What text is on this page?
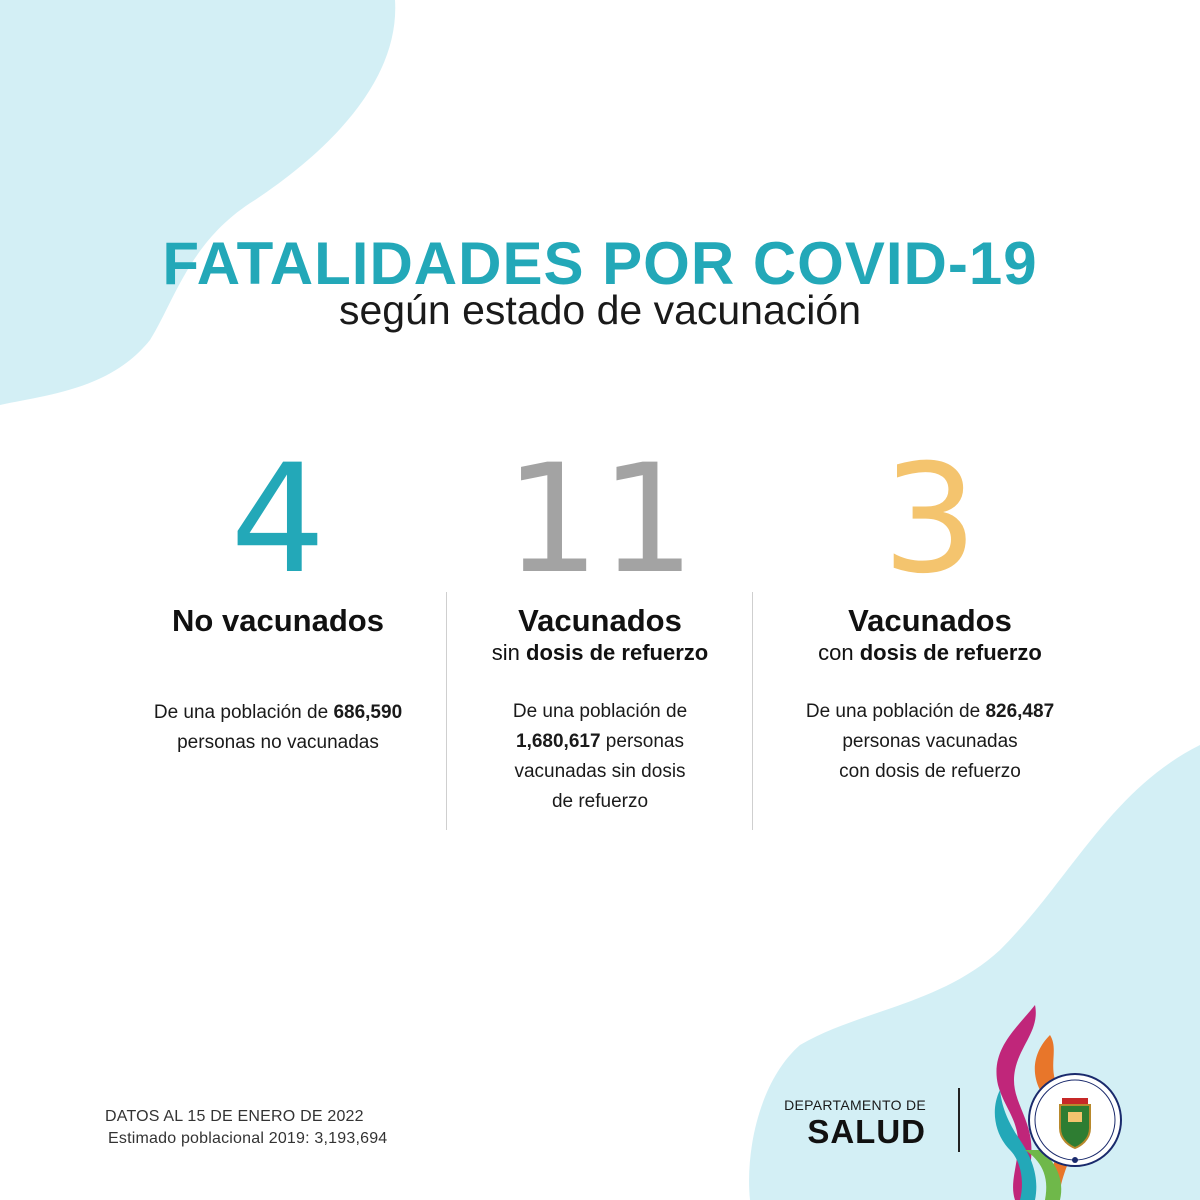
FATALIDADES POR COVID-19
según estado de vacunación
4
No vacunados
De una población de 686,590
personas no vacunadas
11
Vacunados
sin dosis de refuerzo
De una población de
1,680,617 personas
vacunadas sin dosis
de refuerzo
3
Vacunados
con dosis de refuerzo
De una población de 826,487
personas vacunadas
con dosis de refuerzo
DATOS AL 15 DE ENERO DE 2022
Estimado poblacional 2019: 3,193,694
DEPARTAMENTO DE
SALUD
